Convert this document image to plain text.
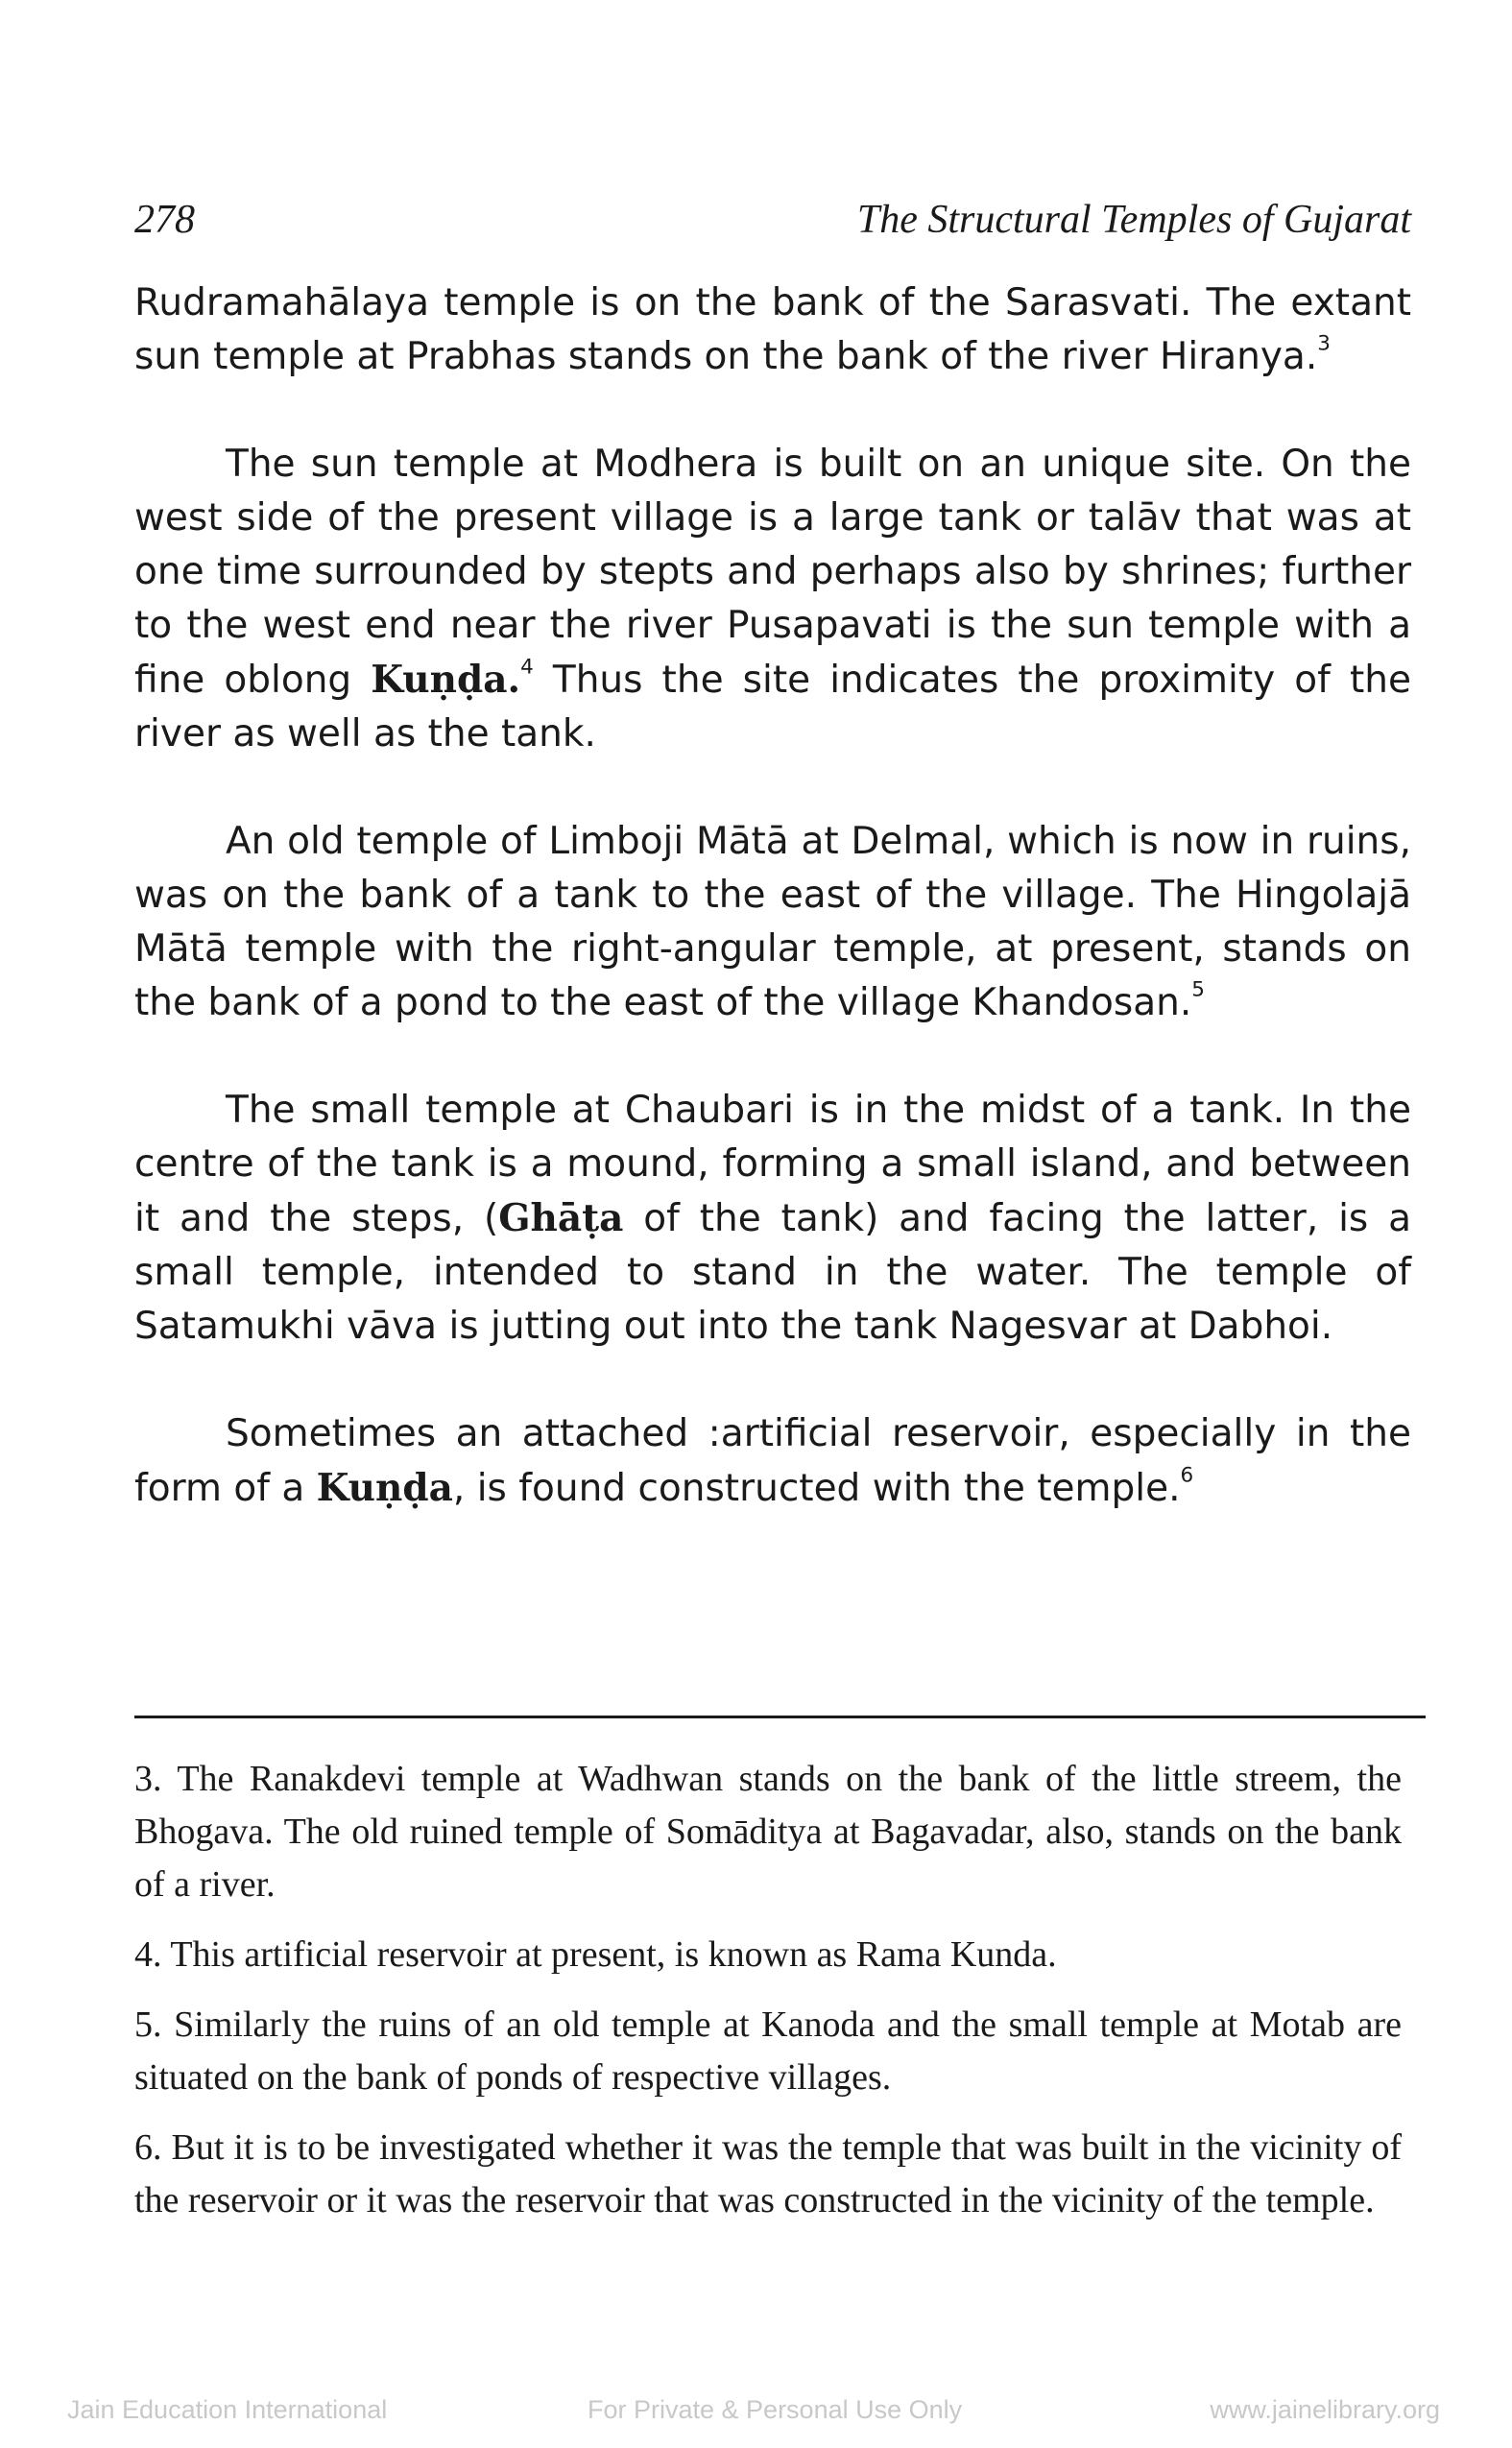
278	The Structural Temples of Gujarat

Rudramahālaya temple is on the bank of the Sarasvati. The extant sun temple at Prabhas stands on the bank of the river Hiranya.$^3$

The sun temple at Modhera is built on an unique site. On the west side of the present village is a large tank or talāv that was at one time surrounded by stepts and perhaps also by shrines; further to the west end near the river Pusapavati is the sun temple with a fine oblong Kuṇḍa.$^4$ Thus the site indicates the proximity of the river as well as the tank.

An old temple of Limboji Mātā at Delmal, which is now in ruins, was on the bank of a tank to the east of the village. The Hingolajā Mātā temple with the right-angular temple, at present, stands on the bank of a pond to the east of the village Khandosan.$^5$

The small temple at Chaubari is in the midst of a tank. In the centre of the tank is a mound, forming a small island, and between it and the steps, (Ghāṭa of the tank) and facing the latter, is a small temple, intended to stand in the water. The temple of Satamukhi vāva is jutting out into the tank Nagesvar at Dabhoi.

Sometimes an attached :artificial reservoir, especially in the form of a Kuṇḍa, is found constructed with the temple.$^6$

3. The Ranakdevi temple at Wadhwan stands on the bank of the little streem, the Bhogava. The old ruined temple of Somāditya at Bagavadar, also, stands on the bank of a river.

4. This artificial reservoir at present, is known as Rama Kunda.

5. Similarly the ruins of an old temple at Kanoda and the small temple at Motab are situated on the bank of ponds of respective villages.

6. But it is to be investigated whether it was the temple that was built in the vicinity of the reservoir or it was the reservoir that was constructed in the vicinity of the temple.

Jain Education International	For Private & Personal Use Only	www.jainelibrary.org
